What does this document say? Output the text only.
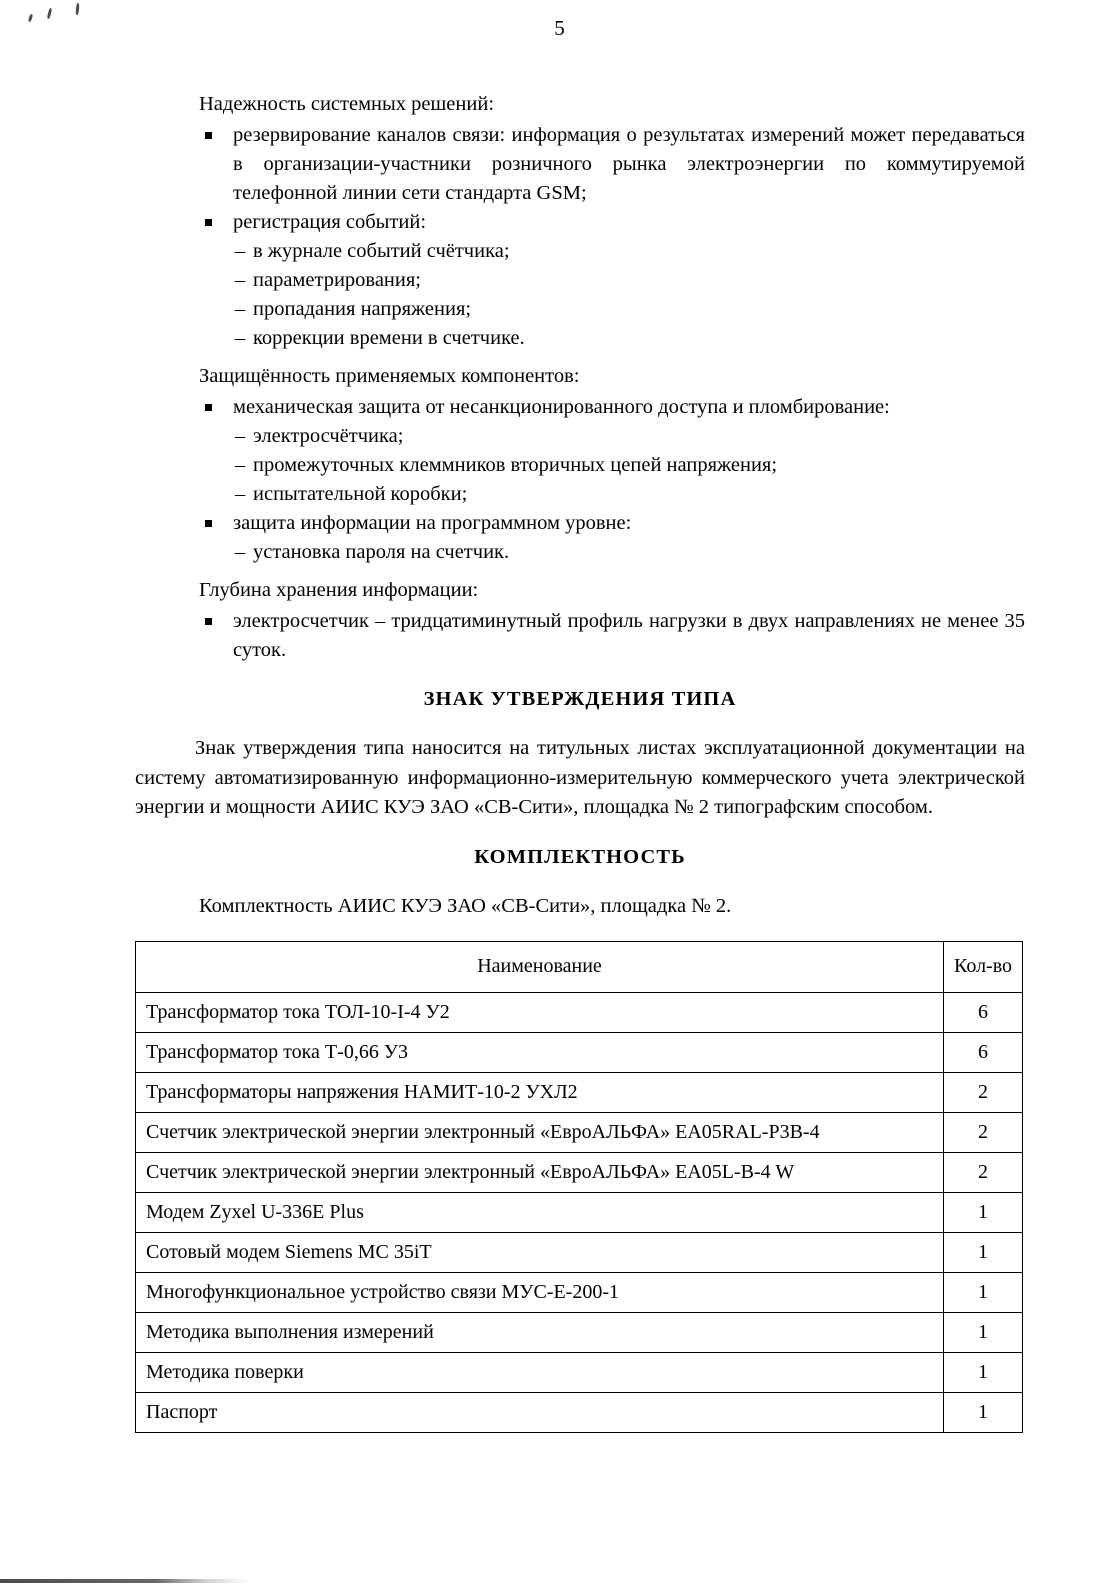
5

Надежность системных решений:

резервирование каналов связи: информация о результатах измерений может передаваться в организации-участники розничного рынка электроэнергии по коммутируемой телефонной линии сети стандарта GSM;
регистрация событий:
– в журнале событий счётчика;
– параметрирования;
– пропадания напряжения;
– коррекции времени в счетчике.

Защищённость применяемых компонентов:

механическая защита от несанкционированного доступа и пломбирование:
– электросчётчика;
– промежуточных клеммников вторичных цепей напряжения;
– испытательной коробки;
защита информации на программном уровне:
– установка пароля на счетчик.

Глубина хранения информации:

электросчетчик – тридцатиминутный профиль нагрузки в двух направлениях не менее 35 суток.
ЗНАК УТВЕРЖДЕНИЯ ТИПА

Знак утверждения типа наносится на титульных листах эксплуатационной документации на систему автоматизированную информационно-измерительную коммерческого учета электрической энергии и мощности АИИС КУЭ ЗАО «СВ-Сити», площадка № 2 типографским способом.

КОМПЛЕКТНОСТЬ

Комплектность АИИС КУЭ ЗАО «СВ-Сити», площадка № 2.

Наименование	Кол-во
Трансформатор тока ТОЛ-10-I-4 У2	6
Трансформатор тока Т-0,66 У3	6
Трансформаторы напряжения НАМИТ-10-2 УХЛ2	2
Счетчик электрической энергии электронный «ЕвроАЛЬФА» EA05RAL-P3B-4	2
Счетчик электрической энергии электронный «ЕвроАЛЬФА» EA05L-B-4 W	2
Модем Zyxel U-336E Plus	1
Сотовый модем Siemens MC 35iT	1
Многофункциональное устройство связи МУС-Е-200-1	1
Методика выполнения измерений	1
Методика поверки	1
Паспорт	1
